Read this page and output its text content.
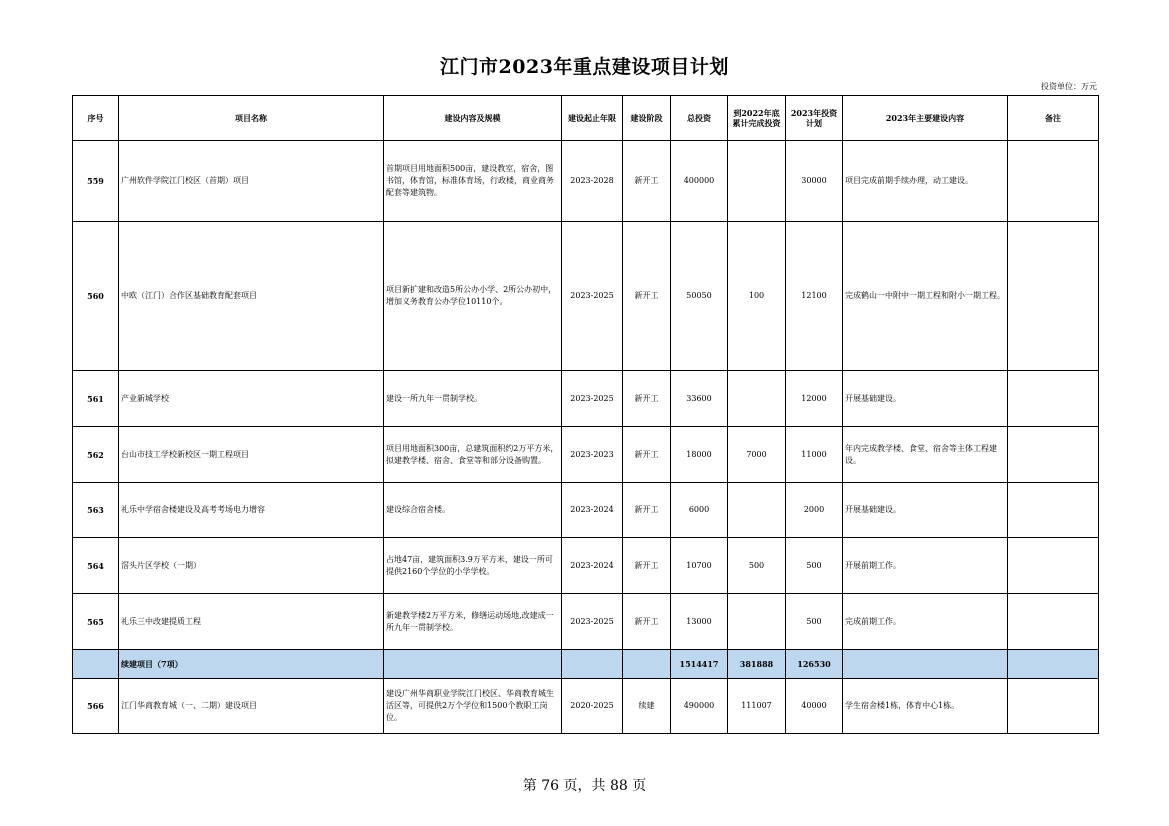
江门市2023年重点建设项目计划
投资单位：万元
序号	项目名称	建设内容及规模	建设起止年限	建设阶段	总投资	到2022年底累计完成投资	2023年投资计划	2023年主要建设内容	备注
559	广州软件学院江门校区（首期）项目	首期项目用地面积500亩，建设教室，宿舍，图书馆，体育馆，标准体育场，行政楼，商业商务配套等建筑物。	2023-2028	新开工	400000		30000	项目完成前期手续办理，动工建设。	
560	中欧（江门）合作区基础教育配套项目	项目新扩建和改造5所公办小学、2所公办初中，增加义务教育公办学位10110个。	2023-2025	新开工	50050	100	12100	完成鹤山一中附中一期工程和附小一期工程。	
561	产业新城学校	建设一所九年一贯制学校。	2023-2025	新开工	33600		12000	开展基础建设。	
562	台山市技工学校新校区一期工程项目	项目用地面积300亩，总建筑面积约2万平方米，拟建教学楼、宿舍、食堂等和部分设备购置。	2023-2023	新开工	18000	7000	11000	年内完成教学楼、食堂、宿舍等主体工程建设。	
563	礼乐中学宿舍楼建设及高考考场电力增容	建设综合宿舍楼。	2023-2024	新开工	6000		2000	开展基础建设。	
564	滘头片区学校（一期）	占地47亩，建筑面积3.9万平方米，建设一所可提供2160个学位的小学学校。	2023-2024	新开工	10700	500	500	开展前期工作。	
565	礼乐三中改建提质工程	新建教学楼2万平方米，修缮运动场地,改建成一所九年一贯制学校。	2023-2025	新开工	13000		500	完成前期工作。	
	续建项目（7项）				1514417	381888	126530		
566	江门华商教育城（一、二期）建设项目	建设广州华商职业学院江门校区、华商教育城生活区等，可提供2万个学位和1500个教职工岗位。	2020-2025	续建	490000	111007	40000	学生宿舍楼1栋，体育中心1栋。	
第 76 页，共 88 页
